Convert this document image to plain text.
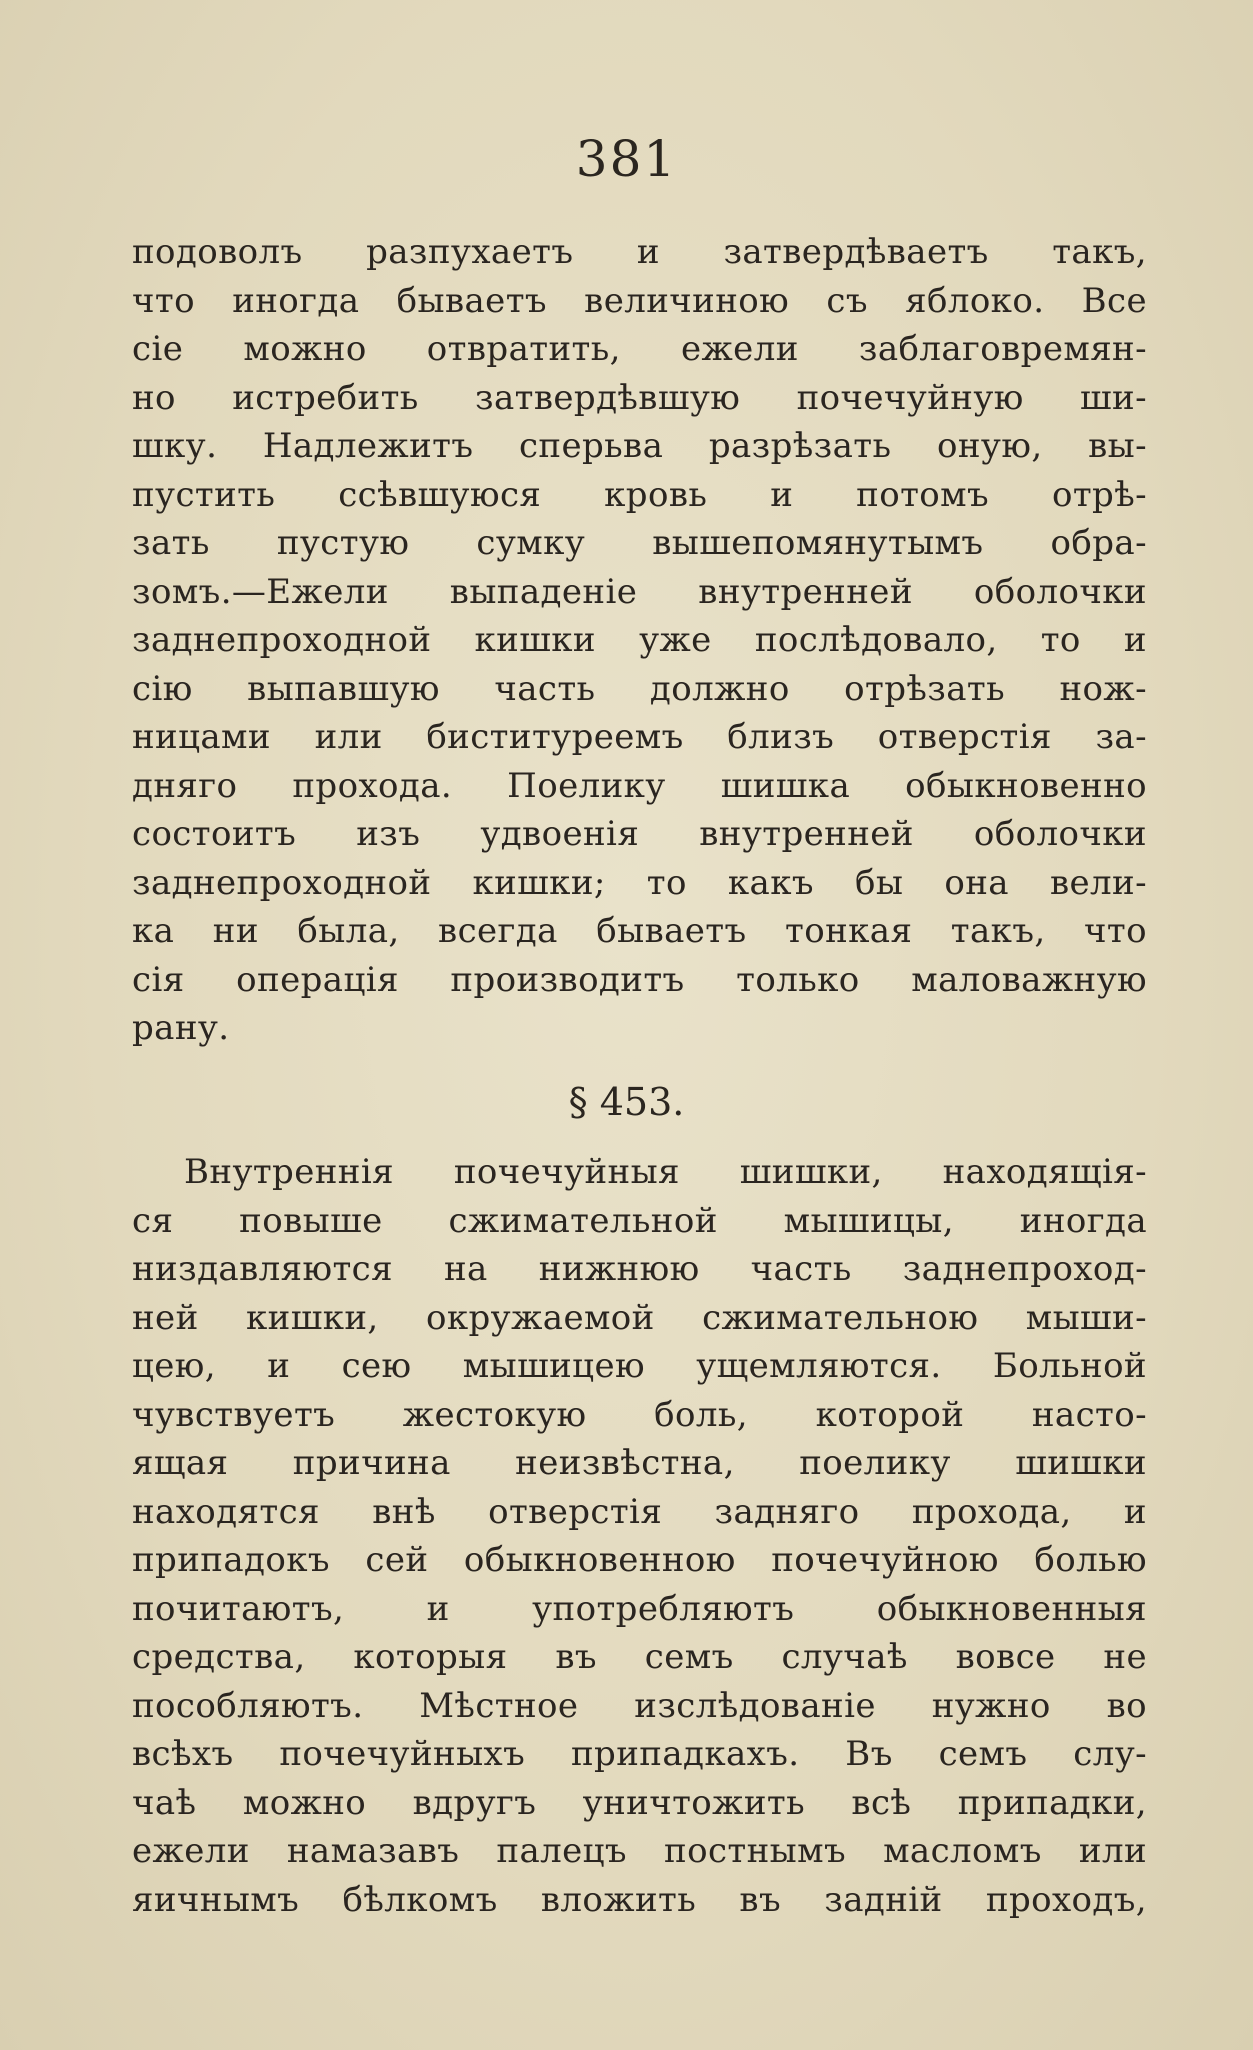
381
подоволъ разпухаетъ и затвердѣваетъ такъ,
что иногда бываетъ величиною съ яблоко. Все
сіе можно отвратить, ежели заблаговремян-
но истребить затвердѣвшую почечуйную ши-
шку. Надлежитъ сперьва разрѣзать оную, вы-
пустить ссѣвшуюся кровь и потомъ отрѣ-
зать пустую сумку вышепомянутымъ обра-
зомъ.—Ежели выпаденіе внутренней оболочки
заднепроходной кишки уже послѣдовало, то и
сію выпавшую часть должно отрѣзать нож-
ницами или биституреемъ близъ отверстія за-
дняго прохода. Поелику шишка обыкновенно
состоитъ изъ удвоенія внутренней оболочки
заднепроходной кишки; то какъ бы она вели-
ка ни была, всегда бываетъ тонкая такъ, что
сія операція производитъ только маловажную
рану.
§ 453.
Внутреннія почечуйныя шишки, находящія-
ся повыше сжимательной мышицы, иногда
низдавляются на нижнюю часть заднепроход-
ней кишки, окружаемой сжимательною мыши-
цею, и сею мышицею ущемляются. Больной
чувствуетъ жестокую боль, которой насто-
ящая причина неизвѣстна, поелику шишки
находятся внѣ отверстія задняго прохода, и
припадокъ сей обыкновенною почечуйною болью
почитаютъ, и употребляютъ обыкновенныя
средства, которыя въ семъ случаѣ вовсе не
пособляютъ. Мѣстное изслѣдованіе нужно во
всѣхъ почечуйныхъ припадкахъ. Въ семъ слу-
чаѣ можно вдругъ уничтожить всѣ припадки,
ежели намазавъ палецъ постнымъ масломъ или
яичнымъ бѣлкомъ вложить въ задній проходъ,
